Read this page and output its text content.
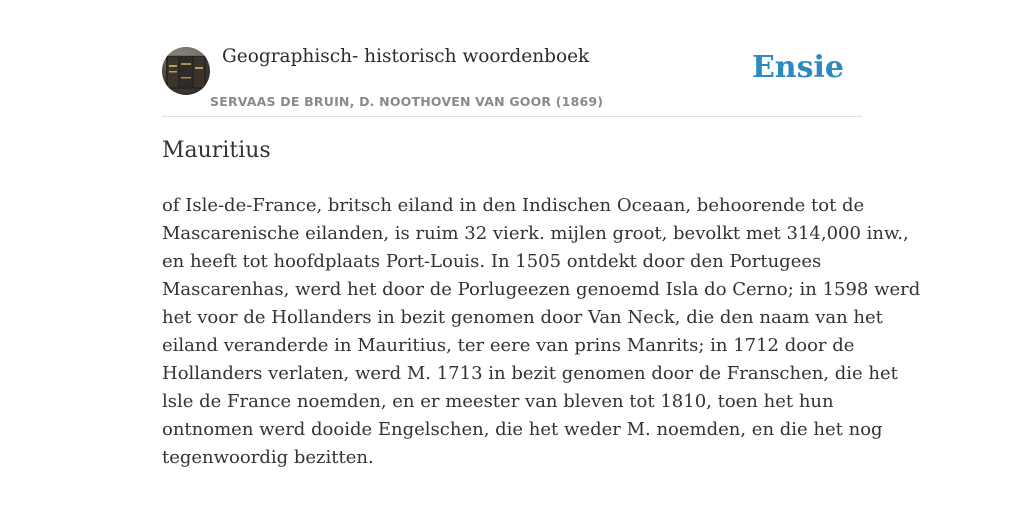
Geographisch- historisch woordenboek
SERVAAS DE BRUIN, D. NOOTHOVEN VAN GOOR (1869)
Ensie
Mauritius

of Isle-de-France, britsch eiland in den Indischen Oceaan, behoorende tot de
Mascarenische eilanden, is ruim 32 vierk. mijlen groot, bevolkt met 314,000 inw.,
en heeft tot hoofdplaats Port-Louis. In 1505 ontdekt door den Portugees
Mascarenhas, werd het door de Porlugeezen genoemd Isla do Cerno; in 1598 werd
het voor de Hollanders in bezit genomen door Van Neck, die den naam van het
eiland veranderde in Mauritius, ter eere van prins Manrits; in 1712 door de
Hollanders verlaten, werd M. 1713 in bezit genomen door de Franschen, die het
lsle de France noemden, en er meester van bleven tot 1810, toen het hun
ontnomen werd dooide Engelschen, die het weder M. noemden, en die het nog
tegenwoordig bezitten.
